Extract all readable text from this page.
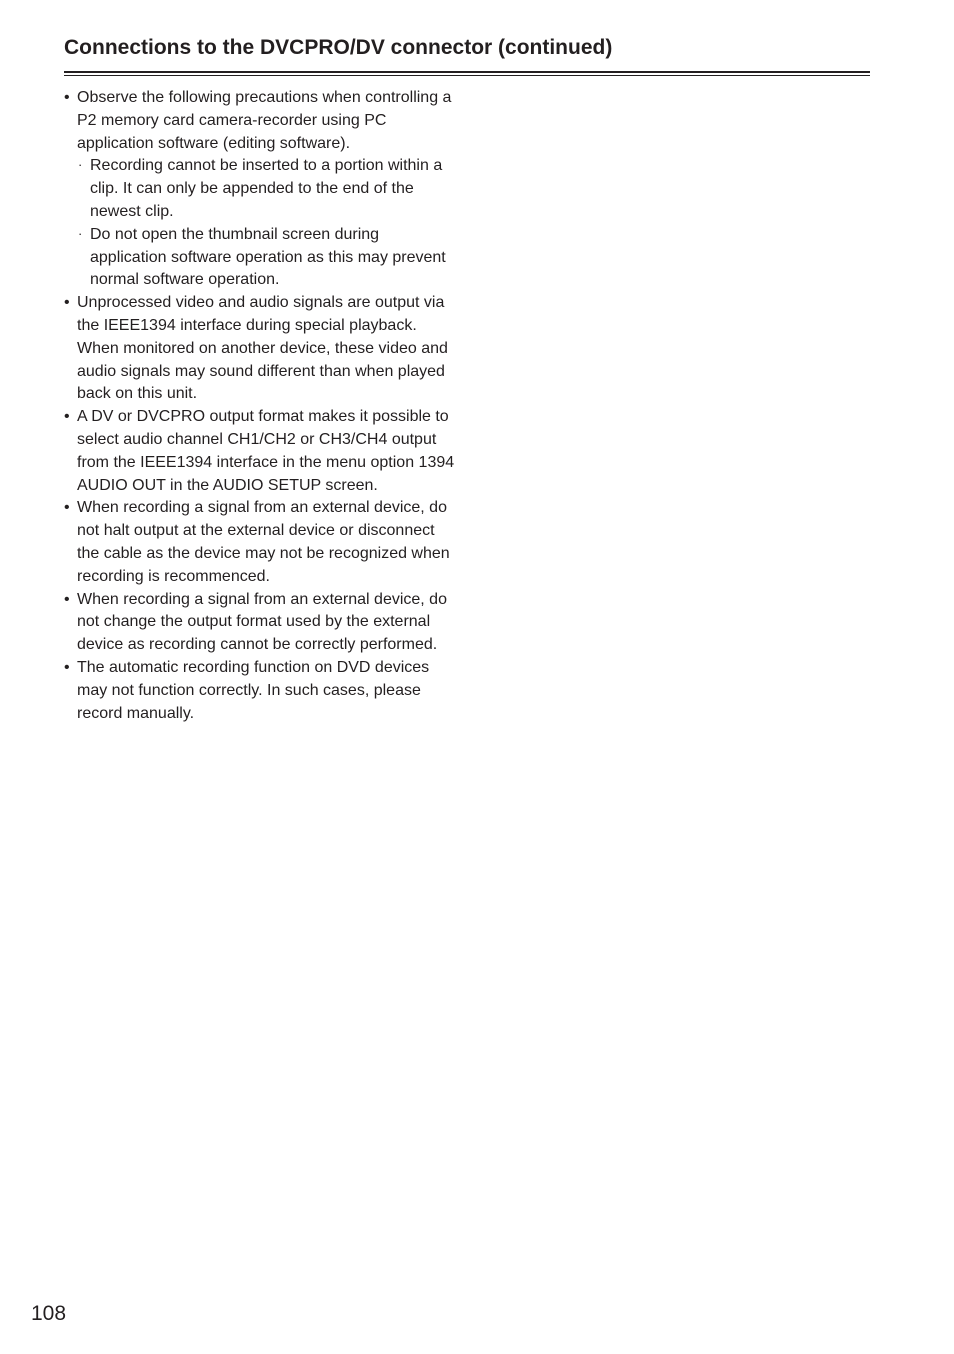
Connections to the DVCPRO/DV connector (continued)
• Observe the following precautions when controlling a P2 memory card camera-recorder using PC application software (editing software).
· Recording cannot be inserted to a portion within a clip. It can only be appended to the end of the newest clip.
· Do not open the thumbnail screen during application software operation as this may prevent normal software operation.
• Unprocessed video and audio signals are output via the IEEE1394 interface during special playback. When monitored on another device, these video and audio signals may sound different than when played back on this unit.
• A DV or DVCPRO output format makes it possible to select audio channel CH1/CH2 or CH3/CH4 output from the IEEE1394 interface in the menu option 1394 AUDIO OUT in the AUDIO SETUP screen.
• When recording a signal from an external device, do not halt output at the external device or disconnect the cable as the device may not be recognized when recording is recommenced.
• When recording a signal from an external device, do not change the output format used by the external device as recording cannot be correctly performed.
• The automatic recording function on DVD devices may not function correctly. In such cases, please record manually.
108
